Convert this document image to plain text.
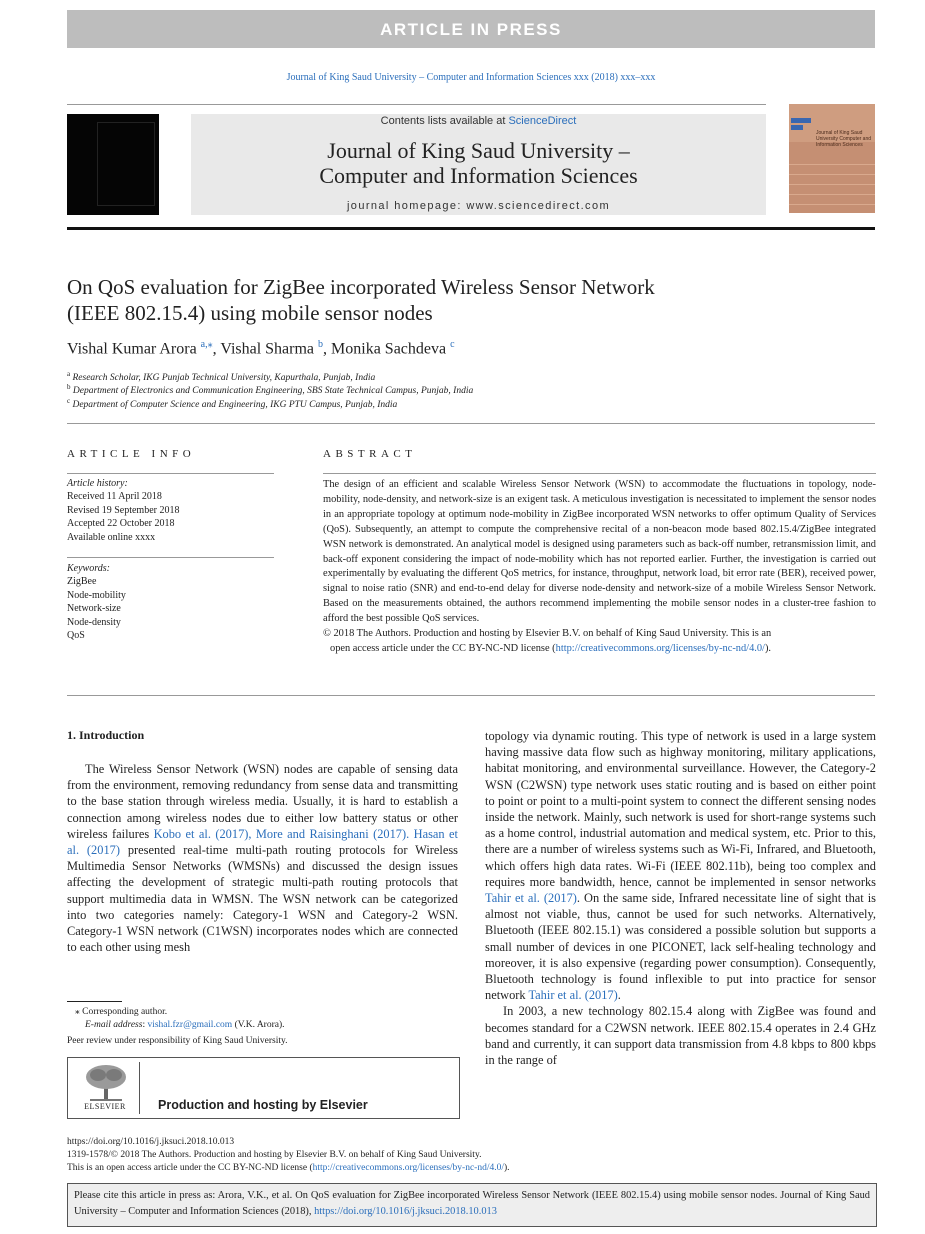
ARTICLE IN PRESS
Journal of King Saud University – Computer and Information Sciences xxx (2018) xxx–xxx
Contents lists available at ScienceDirect
Journal of King Saud University –
Computer and Information Sciences
journal homepage: www.sciencedirect.com
Journal of King Saud University Computer and Information Sciences
On QoS evaluation for ZigBee incorporated Wireless Sensor Network
(IEEE 802.15.4) using mobile sensor nodes
Vishal Kumar Arora $^{a,⁎}$, Vishal Sharma $^b$, Monika Sachdeva $^c$
$^a$ Research Scholar, IKG Punjab Technical University, Kapurthala, Punjab, India
$^b$ Department of Electronics and Communication Engineering, SBS State Technical Campus, Punjab, India
$^c$ Department of Computer Science and Engineering, IKG PTU Campus, Punjab, India
ARTICLE INFO
Article history:
Received 11 April 2018
Revised 19 September 2018
Accepted 22 October 2018
Available online xxxx
Keywords:
ZigBee
Node-mobility
Network-size
Node-density
QoS
ABSTRACT

The design of an efficient and scalable Wireless Sensor Network (WSN) to accommodate the fluctuations in topology, node-mobility, node-density, and network-size is an exigent task. A meticulous investigation is necessitated to implement the sensor nodes in an appropriate topology at optimum node-mobility in ZigBee incorporated WSN networks to offer optimum Quality of Services (QoS). Subsequently, an attempt to compute the comprehensive recital of a non-beacon mode based 802.15.4/ZigBee integrated WSN network is demonstrated. An analytical model is designed using parameters such as back-off number, retransmission limit, and back-off exponent considering the impact of node-mobility which has not reported earlier. Further, the investigation is carried out experimentally by evaluating the different QoS metrics, for instance, throughput, network load, bit error rate (BER), received power, signal to noise ratio (SNR) and end-to-end delay for diverse node-density and network-size of a mobile Wireless Sensor Network. Based on the measurements obtained, the authors recommend implementing the mobile sensor nodes in a cluster-tree fashion to afford the best possible QoS services.

© 2018 The Authors. Production and hosting by Elsevier B.V. on behalf of King Saud University. This is an

open access article under the CC BY-NC-ND license (http://creativecommons.org/licenses/by-nc-nd/4.0/).

1. Introduction

The Wireless Sensor Network (WSN) nodes are capable of sensing data from the environment, removing redundancy from sense data and transmitting to the base station through wireless media. Usually, it is hard to establish a connection among wireless nodes due to either low battery status or other wireless failures Kobo et al. (2017), More and Raisinghani (2017). Hasan et al. (2017) presented real-time multi-path routing protocols for Wireless Multimedia Sensor Networks (WMSNs) and discussed the design issues affecting the development of strategic multi-path routing protocols that support multimedia data in WMSN. The WSN network can be categorized into two categories namely: Category-1 WSN and Category-2 WSN. Category-1 WSN network (C1WSN) incorporates nodes which are connected to each other using mesh

topology via dynamic routing. This type of network is used in a large system having massive data flow such as highway monitoring, military applications, habitat monitoring, and environmental surveillance. However, the Category-2 WSN (C2WSN) type network uses static routing and is based on either point to point or point to a multi-point system to connect the different sensing nodes inside the network. Mainly, such network is used for short-range systems such as a home control, industrial automation and medical system, etc. Prior to this, there are a number of wireless systems such as Wi-Fi, Infrared, and Bluetooth, which offers high data rates. Wi-Fi (IEEE 802.11b), being too complex and requires more bandwidth, hence, cannot be implemented in sensor networks Tahir et al. (2017). On the same side, Infrared necessitate line of sight that is almost not viable, thus, cannot be used for such networks. Alternatively, Bluetooth (IEEE 802.15.1) was considered a possible solution but supports a small number of devices in one PICONET, lack self-healing technology and moreover, it is also expensive (regarding power consumption). Consequently, Bluetooth technology is found inflexible to put into practice for sensor network Tahir et al. (2017).

In 2003, a new technology 802.15.4 along with ZigBee was found and becomes standard for a C2WSN network. IEEE 802.15.4 operates in 2.4 GHz band and currently, it can support data transmission from 4.8 kbps to 800 kbps in the range of

⁎ Corresponding author.
E-mail address: vishal.fzr@gmail.com (V.K. Arora).
Peer review under responsibility of King Saud University.
ELSEVIER	Production and hosting by Elsevier
https://doi.org/10.1016/j.jksuci.2018.10.013
1319-1578/© 2018 The Authors. Production and hosting by Elsevier B.V. on behalf of King Saud University.
This is an open access article under the CC BY-NC-ND license (http://creativecommons.org/licenses/by-nc-nd/4.0/).
Please cite this article in press as: Arora, V.K., et al. On QoS evaluation for ZigBee incorporated Wireless Sensor Network (IEEE 802.15.4) using mobile sensor nodes. Journal of King Saud University – Computer and Information Sciences (2018), https://doi.org/10.1016/j.jksuci.2018.10.013
